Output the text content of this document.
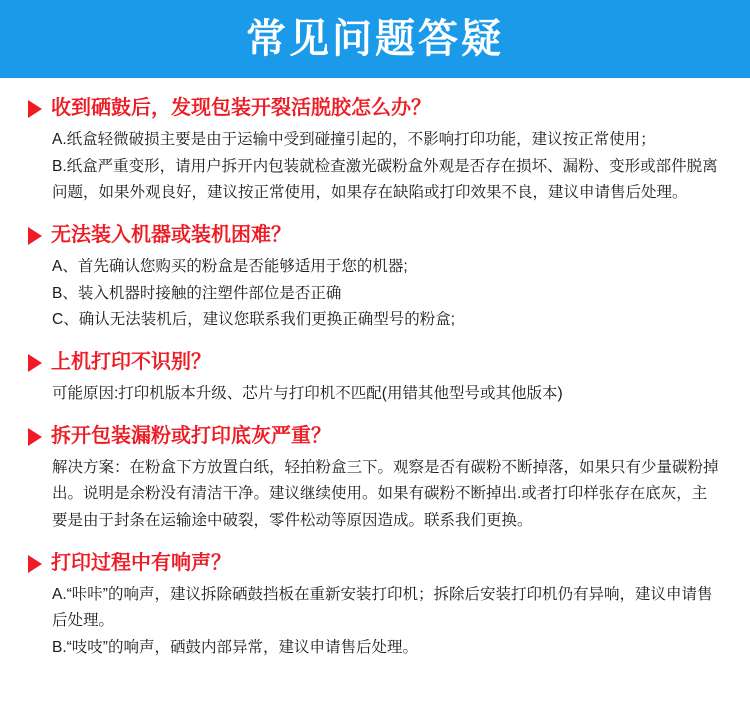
常见问题答疑
收到硒鼓后，发现包装开裂活脱胶怎么办？

A.纸盒轻微破损主要是由于运输中受到碰撞引起的，不影响打印功能，建议按正常使用；

B.纸盒严重变形，请用户拆开内包装就检查激光碳粉盒外观是否存在损坏、漏粉、变形或部件脱离问题，如果外观良好，建议按正常使用，如果存在缺陷或打印效果不良，建议申请售后处理。

无法装入机器或装机困难？
A、首先确认您购买的粉盒是否能够适用于您的机器;
B、装入机器时接触的注塑件部位是否正确
C、确认无法装机后，建议您联系我们更换正确型号的粉盒;
上机打印不识别？

可能原因:打印机版本升级、芯片与打印机不匹配(用错其他型号或其他版本)

拆开包装漏粉或打印底灰严重？

解决方案：在粉盒下方放置白纸，轻拍粉盒三下。观察是否有碳粉不断掉落，如果只有少量碳粉掉出。说明是余粉没有清洁干净。建议继续使用。如果有碳粉不断掉出.或者打印样张存在底灰，主要是由于封条在运输途中破裂，零件松动等原因造成。联系我们更换。

打印过程中有响声？

A.“咔咔”的响声，建议拆除硒鼓挡板在重新安装打印机；拆除后安装打印机仍有异响，建议申请售后处理。

B.“吱吱”的响声，硒鼓内部异常，建议申请售后处理。
